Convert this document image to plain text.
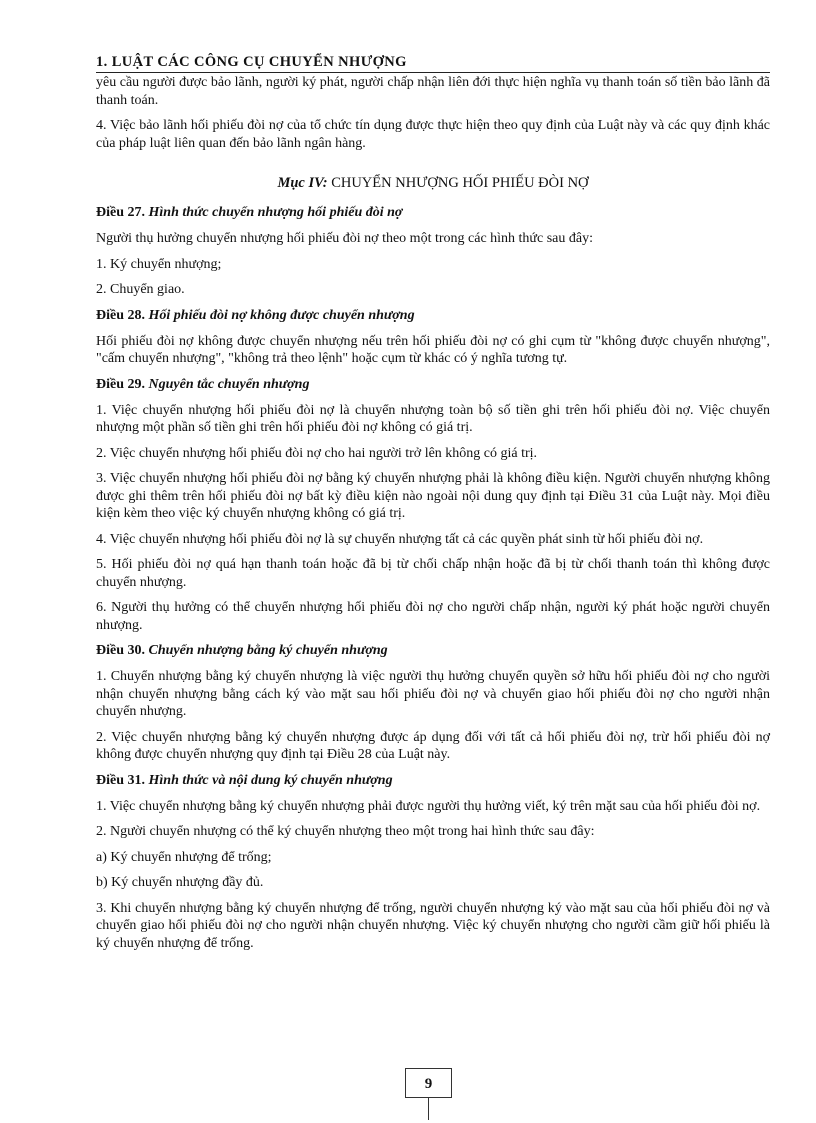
1. LUẬT CÁC CÔNG CỤ CHUYỂN NHƯỢNG

yêu cầu người được bảo lãnh, người ký phát, người chấp nhận liên đới thực hiện nghĩa vụ thanh toán số tiền bảo lãnh đã thanh toán.

4. Việc bảo lãnh hối phiếu đòi nợ của tổ chức tín dụng được thực hiện theo quy định của Luật này và các quy định khác của pháp luật liên quan đến bảo lãnh ngân hàng.

Mục IV: CHUYỂN NHƯỢNG HỐI PHIẾU ĐÒI NỢ
Điều 27. Hình thức chuyển nhượng hối phiếu đòi nợ

Người thụ hưởng chuyển nhượng hối phiếu đòi nợ theo một trong các hình thức sau đây:

1. Ký chuyển nhượng;

2. Chuyển giao.

Điều 28. Hối phiếu đòi nợ không được chuyển nhượng

Hối phiếu đòi nợ không được chuyển nhượng nếu trên hối phiếu đòi nợ có ghi cụm từ "không được chuyển nhượng", "cấm chuyển nhượng", "không trả theo lệnh" hoặc cụm từ khác có ý nghĩa tương tự.

Điều 29. Nguyên tắc chuyển nhượng

1. Việc chuyển nhượng hối phiếu đòi nợ là chuyển nhượng toàn bộ số tiền ghi trên hối phiếu đòi nợ. Việc chuyển nhượng một phần số tiền ghi trên hối phiếu đòi nợ không có giá trị.

2. Việc chuyển nhượng hối phiếu đòi nợ cho hai người trở lên không có giá trị.

3. Việc chuyển nhượng hối phiếu đòi nợ bằng ký chuyển nhượng phải là không điều kiện. Người chuyển nhượng không được ghi thêm trên hối phiếu đòi nợ bất kỳ điều kiện nào ngoài nội dung quy định tại Điều 31 của Luật này. Mọi điều kiện kèm theo việc ký chuyển nhượng không có giá trị.

4. Việc chuyển nhượng hối phiếu đòi nợ là sự chuyển nhượng tất cả các quyền phát sinh từ hối phiếu đòi nợ.

5. Hối phiếu đòi nợ quá hạn thanh toán hoặc đã bị từ chối chấp nhận hoặc đã bị từ chối thanh toán thì không được chuyển nhượng.

6. Người thụ hưởng có thể chuyển nhượng hối phiếu đòi nợ cho người chấp nhận, người ký phát hoặc người chuyển nhượng.

Điều 30. Chuyển nhượng bằng ký chuyển nhượng

1. Chuyển nhượng bằng ký chuyển nhượng là việc người thụ hưởng chuyển quyền sở hữu hối phiếu đòi nợ cho người nhận chuyển nhượng bằng cách ký vào mặt sau hối phiếu đòi nợ và chuyển giao hối phiếu đòi nợ cho người nhận chuyển nhượng.

2. Việc chuyển nhượng bằng ký chuyển nhượng được áp dụng đối với tất cả hối phiếu đòi nợ, trừ hối phiếu đòi nợ không được chuyển nhượng quy định tại Điều 28 của Luật này.

Điều 31. Hình thức và nội dung ký chuyển nhượng

1. Việc chuyển nhượng bằng ký chuyển nhượng phải được người thụ hưởng viết, ký trên mặt sau của hối phiếu đòi nợ.

2. Người chuyển nhượng có thể ký chuyển nhượng theo một trong hai hình thức sau đây:

a) Ký chuyển nhượng để trống;

b) Ký chuyển nhượng đầy đủ.

3. Khi chuyển nhượng bằng ký chuyển nhượng để trống, người chuyển nhượng ký vào mặt sau của hối phiếu đòi nợ và chuyển giao hối phiếu đòi nợ cho người nhận chuyển nhượng. Việc ký chuyển nhượng cho người cầm giữ hối phiếu là ký chuyển nhượng để trống.

9
